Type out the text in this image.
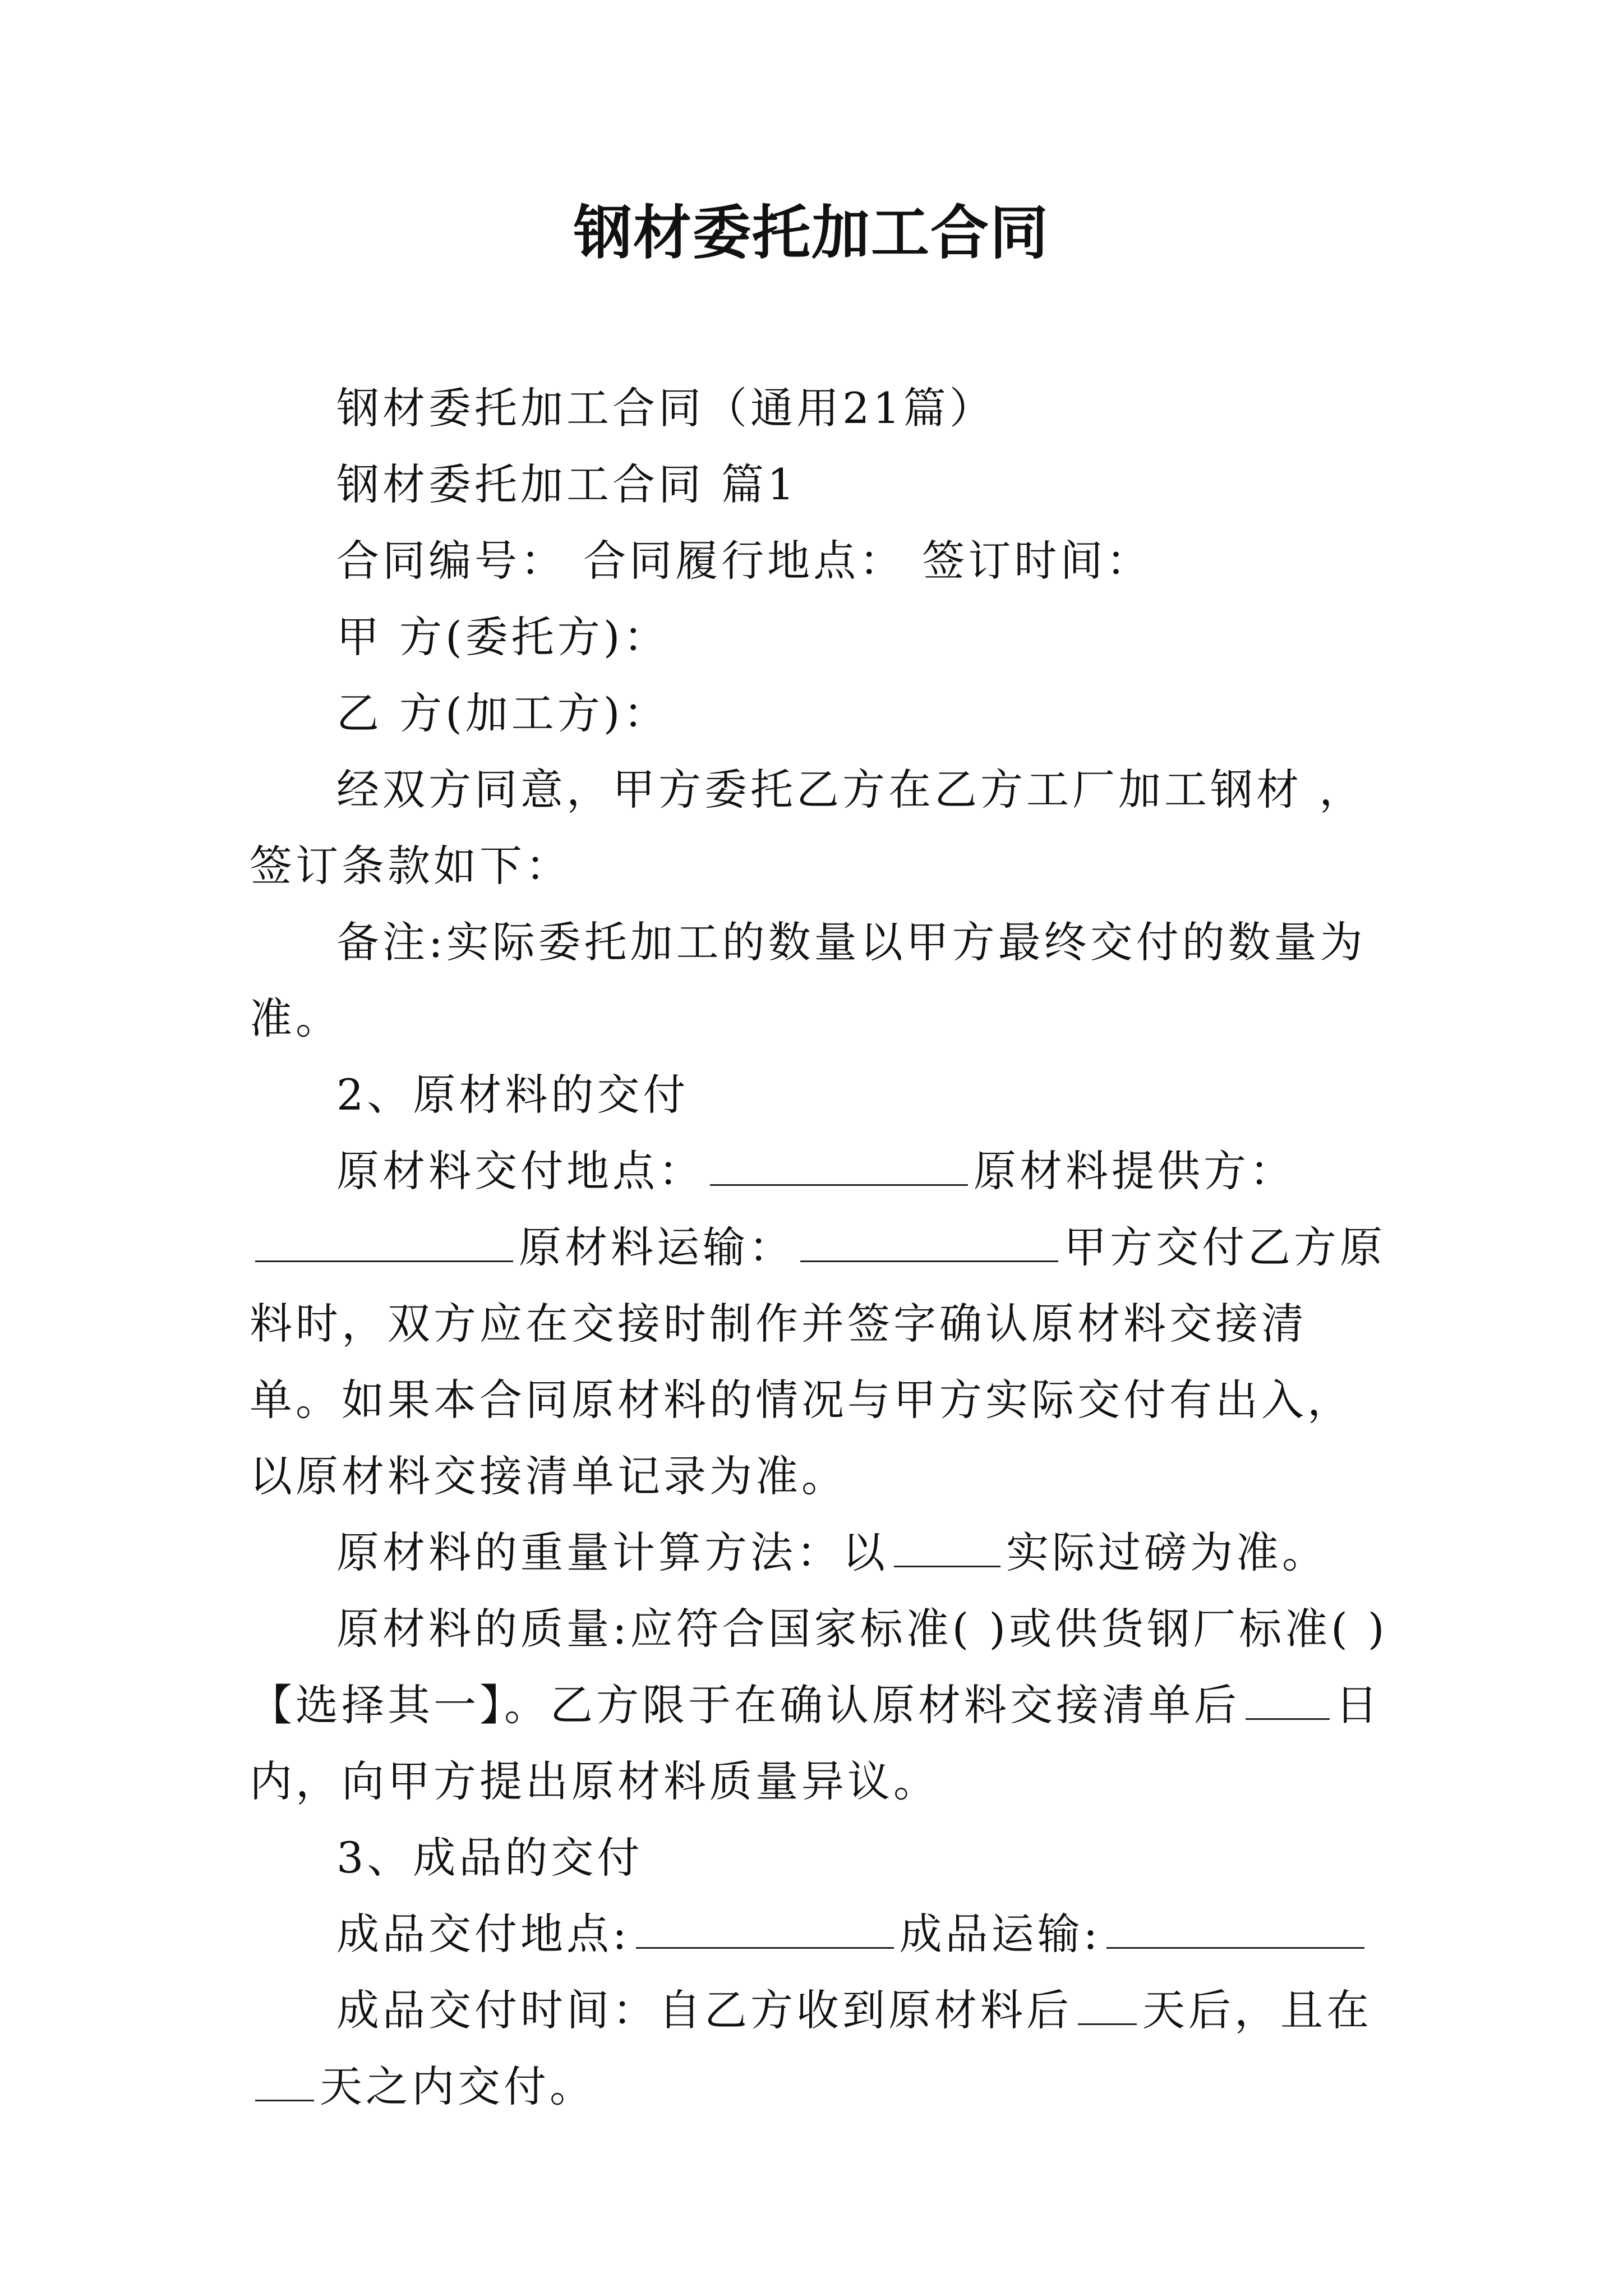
钢材委托加工合同

钢材委托加工合同（通用21篇）

钢材委托加工合同 篇1

合同编号： 合同履行地点： 签订时间：

甲 方(委托方)：

乙 方(加工方)：

经双方同意，甲方委托乙方在乙方工厂加工钢材 ，签订条款如下：

备注:实际委托加工的数量以甲方最终交付的数量为准。

2、原材料的交付

原材料交付地点：	原材料提供方：原材料运输：	甲方交付乙方原料时，双方应在交接时制作并签字确认原材料交接清单。如果本合同原材料的情况与甲方实际交付有出入，以原材料交接清单记录为准。

原材料的重量计算方法：以	实际过磅为准。

原材料的质量:应符合国家标准( )或供货钢厂标准( )【选择其一】。乙方限于在确认原材料交接清单后 日内，向甲方提出原材料质量异议。

3、成品的交付

成品交付地点:	成品运输:

成品交付时间：自乙方收到原材料后 天后，且在天之内交付。
